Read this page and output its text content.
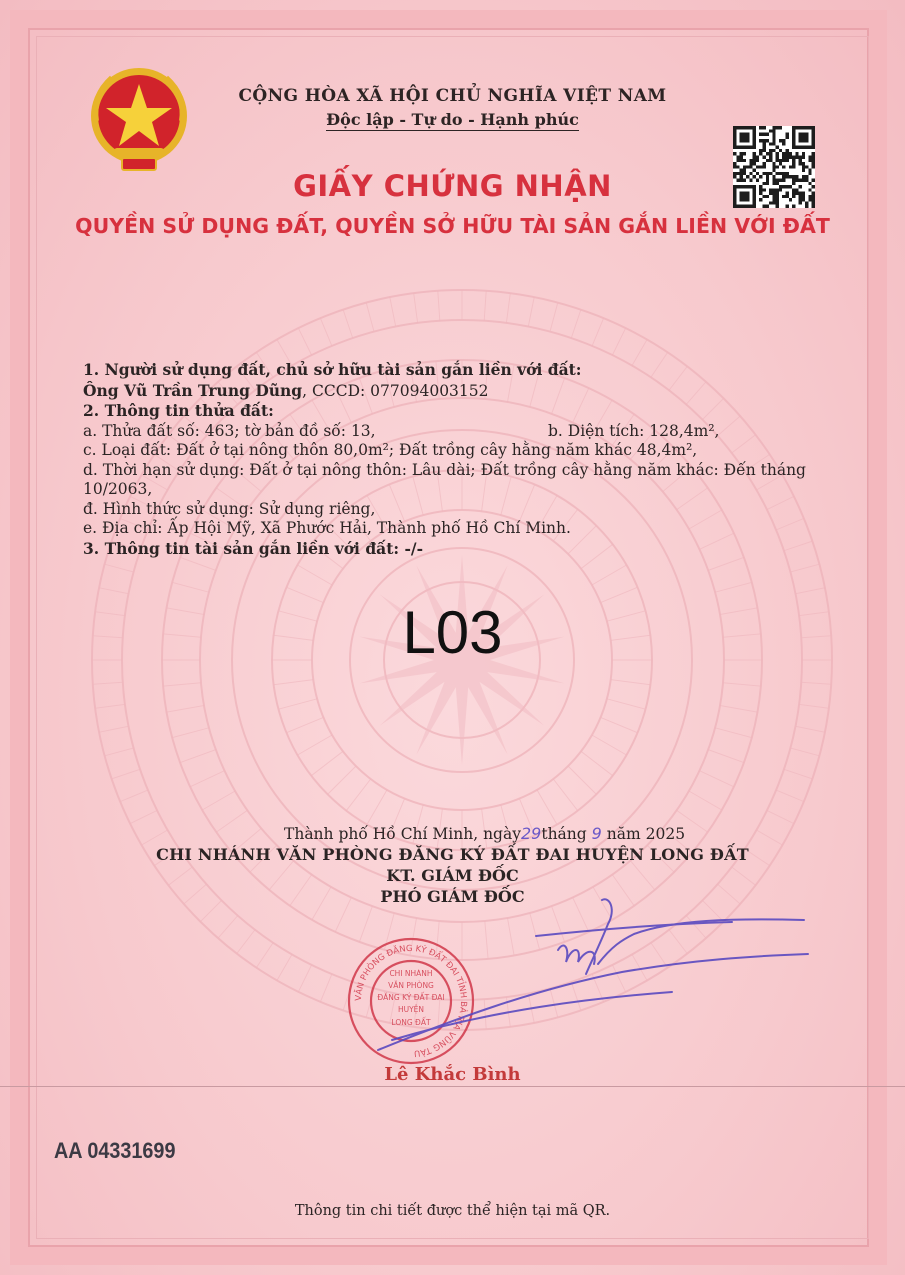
CỘNG HÒA XÃ HỘI CHỦ NGHĨA VIỆT NAM

Độc lập - Tự do - Hạnh phúc

GIẤY CHỨNG NHẬN

QUYỀN SỬ DỤNG ĐẤT, QUYỀN SỞ HỮU TÀI SẢN GẮN LIỀN VỚI ĐẤT

1. Người sử dụng đất, chủ sở hữu tài sản gắn liền với đất:

Ông Vũ Trần Trung Dũng, CCCD: 077094003152

2. Thông tin thửa đất:

a. Thửa đất số: 463; tờ bản đồ số: 13,	b. Diện tích: 128,4m²,

c. Loại đất: Đất ở tại nông thôn 80,0m²; Đất trồng cây hằng năm khác 48,4m²,

d. Thời hạn sử dụng: Đất ở tại nông thôn: Lâu dài; Đất trồng cây hằng năm khác: Đến tháng

10/2063,

đ. Hình thức sử dụng: Sử dụng riêng,

e. Địa chỉ: Ấp Hội Mỹ, Xã Phước Hải, Thành phố Hồ Chí Minh.

3. Thông tin tài sản gắn liền với đất: -/-

L03

Thành phố Hồ Chí Minh, ngày29tháng 9 năm 2025

CHI NHÁNH VĂN PHÒNG ĐĂNG KÝ ĐẤT ĐAI HUYỆN LONG ĐẤT

KT. GIÁM ĐỐC

PHÓ GIÁM ĐỐC

VĂN PHÒNG ĐĂNG KÝ ĐẤT ĐAI TỈNH BÀ RỊA VŨNG TÀU
CHI NHÁNH
VĂN PHÒNG
ĐĂNG KÝ ĐẤT ĐAI
HUYỆN
LONG ĐẤT

Lê Khắc Bình

AA 04331699

Thông tin chi tiết được thể hiện tại mã QR.
